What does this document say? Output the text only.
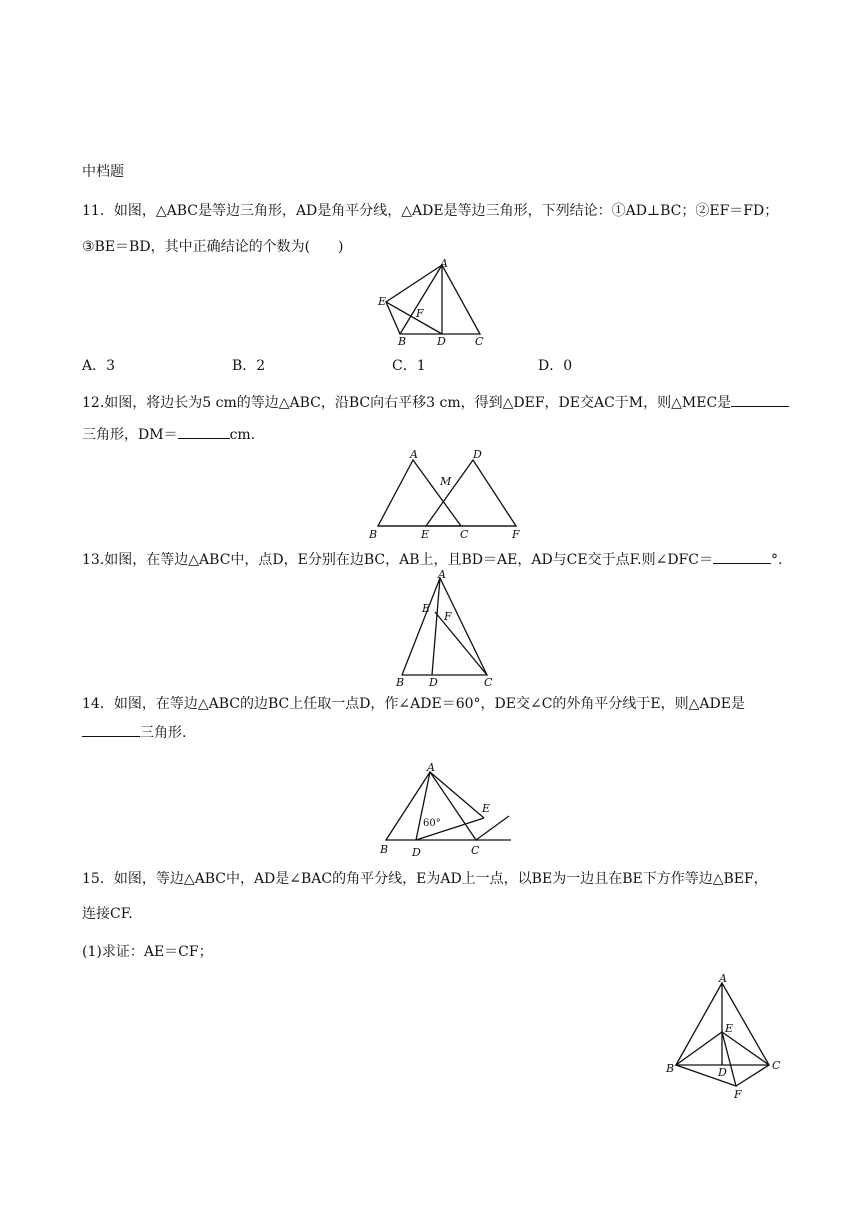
中档题
11．如图，△ABC是等边三角形，AD是角平分线，△ADE是等边三角形，下列结论：①AD⊥BC；②EF＝FD；
③BE＝BD，其中正确结论的个数为(　　)
A
E
F
B	D	C
A．3	B．2	C．1	D．0
12.如图，将边长为5 cm的等边△ABC，沿BC向右平移3 cm，得到△DEF，DE交AC于M，则△MEC是
三角形，DM＝	cm.
A	D
M
B	E	C	F
13.如图，在等边△ABC中，点D，E分别在边BC，AB上，且BD＝AE，AD与CE交于点F.则∠DFC＝	°.
A
E
F
B D	C
14．如图，在等边△ABC的边BC上任取一点D，作∠ADE＝60°，DE交∠C的外角平分线于E，则△ADE是
三角形.
A
E
60°
B D	C
15．如图，等边△ABC中，AD是∠BAC的角平分线，E为AD上一点，以BE为一边且在BE下方作等边△BEF，
连接CF.
(1)求证：AE＝CF；
A
E
B	D
C
F
